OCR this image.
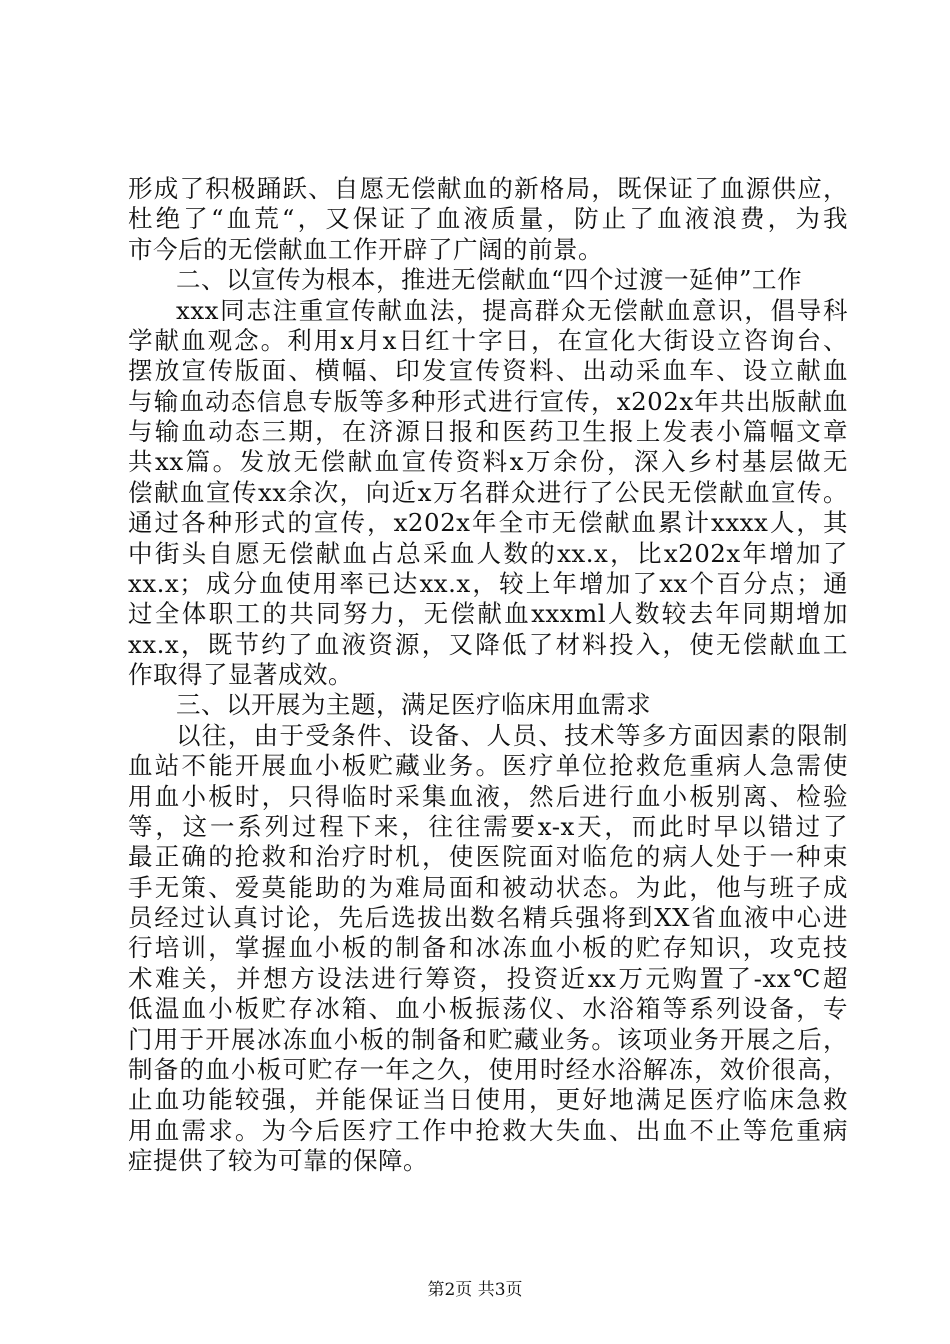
形成了积极踊跃、自愿无偿献血的新格局，既保证了血源供应，
杜绝了“血荒“，又保证了血液质量，防止了血液浪费，为我
市今后的无偿献血工作开辟了广阔的前景。
二、以宣传为根本，推进无偿献血“四个过渡一延伸”工作
xxx同志注重宣传献血法，提高群众无偿献血意识，倡导科
学献血观念。利用x月x日红十字日，在宣化大街设立咨询台、
摆放宣传版面、横幅、印发宣传资料、出动采血车、设立献血
与输血动态信息专版等多种形式进行宣传，x202x年共出版献血
与输血动态三期，在济源日报和医药卫生报上发表小篇幅文章
共xx篇。发放无偿献血宣传资料x万余份，深入乡村基层做无
偿献血宣传xx余次，向近x万名群众进行了公民无偿献血宣传。
通过各种形式的宣传，x202x年全市无偿献血累计xxxx人，其
中街头自愿无偿献血占总采血人数的xx.x，比x202x年增加了
xx.x；成分血使用率已达xx.x，较上年增加了xx个百分点；通
过全体职工的共同努力，无偿献血xxxml人数较去年同期增加
xx.x，既节约了血液资源，又降低了材料投入，使无偿献血工
作取得了显著成效。
三、以开展为主题，满足医疗临床用血需求
以往，由于受条件、设备、人员、技术等多方面因素的限制
血站不能开展血小板贮藏业务。医疗单位抢救危重病人急需使
用血小板时，只得临时采集血液，然后进行血小板别离、检验
等，这一系列过程下来，往往需要x-x天，而此时早以错过了
最正确的抢救和治疗时机，使医院面对临危的病人处于一种束
手无策、爱莫能助的为难局面和被动状态。为此，他与班子成
员经过认真讨论，先后选拔出数名精兵强将到XX省血液中心进
行培训，掌握血小板的制备和冰冻血小板的贮存知识，攻克技
术难关，并想方设法进行筹资，投资近xx万元购置了-xx℃超
低温血小板贮存冰箱、血小板振荡仪、水浴箱等系列设备，专
门用于开展冰冻血小板的制备和贮藏业务。该项业务开展之后，
制备的血小板可贮存一年之久，使用时经水浴解冻，效价很高，
止血功能较强，并能保证当日使用，更好地满足医疗临床急救
用血需求。为今后医疗工作中抢救大失血、出血不止等危重病
症提供了较为可靠的保障。
第2页 共3页
